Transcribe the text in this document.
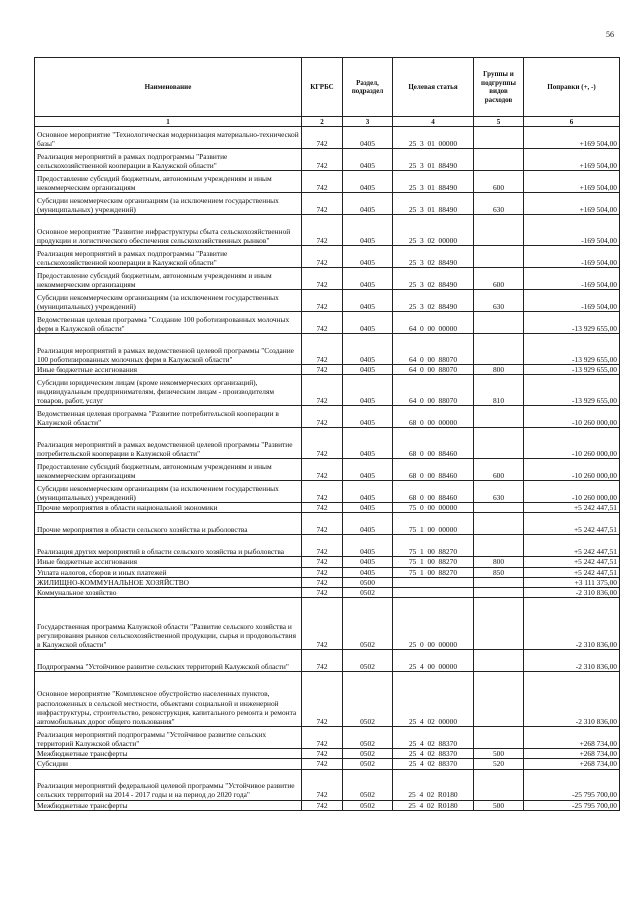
56
Наименование	КГРБС	Раздел, подраздел	Целевая статья	Группы и подгруппы видов расходов	Поправки (+, -)
1	2	3	4	5	6
Основное мероприятие "Технологическая модернизация материально-технической базы"	742	0405	25  3  01  00000		+169 504,00
Реализация мероприятий в рамках подпрограммы "Развитие сельскохозяйственной кооперации в Калужской области"	742	0405	25  3  01  88490		+169 504,00
Предоставление субсидий бюджетным, автономным учреждениям и иным некоммерческим организациям	742	0405	25  3  01  88490	600	+169 504,00
Субсидии некоммерческим организациям (за исключением государственных (муниципальных) учреждений)	742	0405	25  3  01  88490	630	+169 504,00
Основное мероприятие "Развитие инфраструктуры сбыта сельскохозяйственной продукции и логистического обеспечения сельскохозяйственных рынков"	742	0405	25  3  02  00000		-169 504,00
Реализация мероприятий в рамках подпрограммы "Развитие сельскохозяйственной кооперации в Калужской области"	742	0405	25  3  02  88490		-169 504,00
Предоставление субсидий бюджетным, автономным учреждениям и иным некоммерческим организациям	742	0405	25  3  02  88490	600	-169 504,00
Субсидии некоммерческим организациям (за исключением государственных (муниципальных) учреждений)	742	0405	25  3  02  88490	630	-169 504,00
Ведомственная целевая программа "Создание 100 роботизированных молочных ферм в Калужской области"	742	0405	64  0  00  00000		-13 929 655,00
Реализация мероприятий в рамках ведомственной целевой программы "Создание 100 роботизированных молочных ферм в Калужской области"	742	0405	64  0  00  88070		-13 929 655,00
Иные бюджетные ассигнования	742	0405	64  0  00  88070	800	-13 929 655,00
Субсидии юридическим лицам (кроме некоммерческих организаций), индивидуальным предпринимателям, физическим лицам - производителям товаров, работ, услуг	742	0405	64  0  00  88070	810	-13 929 655,00
Ведомственная целевая программа "Развитие потребительской кооперации в Калужской области"	742	0405	68  0  00  00000		-10 260 000,00
Реализация мероприятий в рамках ведомственной целевой программы "Развитие потребительской кооперации в Калужской области"	742	0405	68  0  00  88460		-10 260 000,00
Предоставление субсидий бюджетным, автономным учреждениям и иным некоммерческим организациям	742	0405	68  0  00  88460	600	-10 260 000,00
Субсидии некоммерческим организациям (за исключением государственных (муниципальных) учреждений)	742	0405	68  0  00  88460	630	-10 260 000,00
Прочие мероприятия в области национальной экономики	742	0405	75  0  00  00000		+5 242 447,51
Прочие мероприятия в области сельского хозяйства и рыболовства	742	0405	75  1  00  00000		+5 242 447,51
Реализация других мероприятий в области сельского хозяйства и рыболовства	742	0405	75  1  00  88270		+5 242 447,51
Иные бюджетные ассигнования	742	0405	75  1  00  88270	800	+5 242 447,51
Уплата налогов, сборов и иных платежей	742	0405	75  1  00  88270	850	+5 242 447,51
ЖИЛИЩНО-КОММУНАЛЬНОЕ ХОЗЯЙСТВО	742	0500			+3 111 375,00
Коммунальное хозяйство	742	0502			-2 310 836,00
Государственная программа Калужской области "Развитие сельского хозяйства и регулирования рынков сельскохозяйственной продукции, сырья и продовольствия в Калужской области"	742	0502	25  0  00  00000		-2 310 836,00
Подпрограмма "Устойчивое развитие сельских территорий Калужской области"	742	0502	25  4  00  00000		-2 310 836,00
Основное мероприятие "Комплексное обустройство населенных пунктов, расположенных в сельской местности, объектами социальной и инженерной инфраструктуры, строительство, реконструкция, капитального ремонта и ремонта автомобильных дорог общего пользования"	742	0502	25  4  02  00000		-2 310 836,00
Реализация мероприятий подпрограммы "Устойчивое развитие сельских территорий Калужской области"	742	0502	25  4  02  88370		+268 734,00
Межбюджетные трансферты	742	0502	25  4  02  88370	500	+268 734,00
Субсидии	742	0502	25  4  02  88370	520	+268 734,00
Реализация мероприятий федеральной целевой программы "Устойчивое развитие сельских территорий на 2014 - 2017 годы и на период до 2020 года"	742	0502	25  4  02  R0180		-25 795 700,00
Межбюджетные трансферты	742	0502	25  4  02  R0180	500	-25 795 700,00
